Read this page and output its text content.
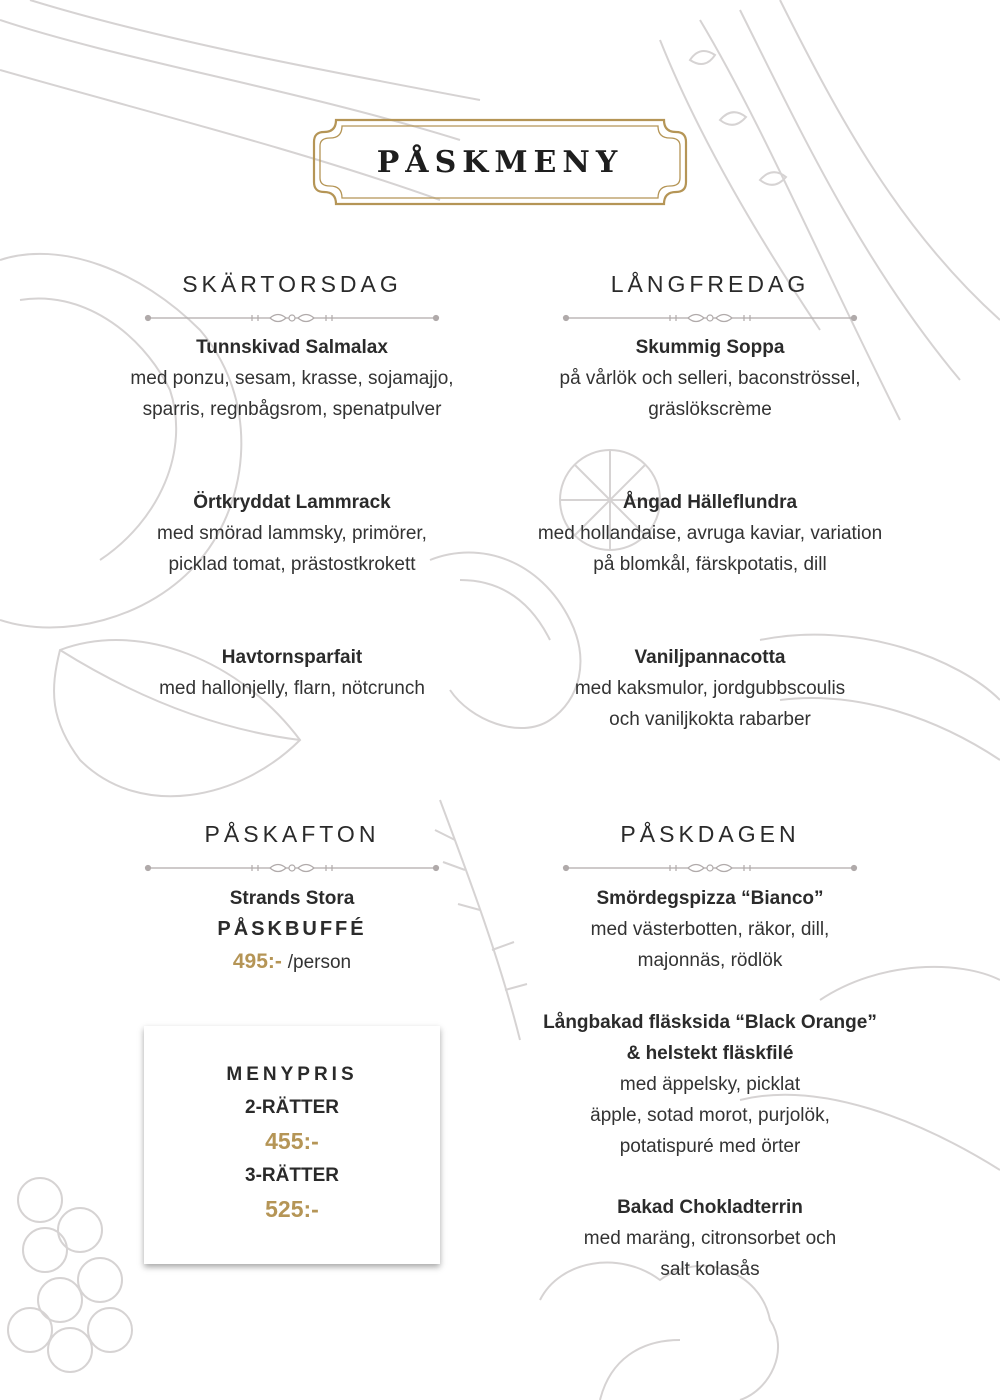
PÅSKMENY
SKÄRTORSDAG
Tunnskivad Salmalax
med ponzu, sesam, krasse, sojamajjo,
sparris, regnbågsrom, spenatpulver
Örtkryddat Lammrack
med smörad lammsky, primörer,
picklad tomat, prästostkrokett
Havtornsparfait
med hallonjelly, flarn, nötcrunch
LÅNGFREDAG
Skummig Soppa
på vårlök och selleri, baconströssel,
gräslökscrème
Ångad Hälleflundra
med hollandaise, avruga kaviar, variation
på blomkål, färskpotatis, dill
Vaniljpannacotta
med kaksmulor, jordgubbscoulis
och vaniljkokta rabarber
PÅSKAFTON
Strands Stora
PÅSKBUFFÉ
495:- /person
MENYPRIS
2-RÄTTER
455:-
3-RÄTTER
525:-
PÅSKDAGEN
Smördegspizza “Bianco”
med västerbotten, räkor, dill,
majonnäs, rödlök
Långbakad fläsksida “Black Orange”
& helstekt fläskfilé
med äppelsky, picklat
äpple, sotad morot, purjolök,
potatispuré med örter
Bakad Chokladterrin
med maräng, citronsorbet och
salt kolasås
